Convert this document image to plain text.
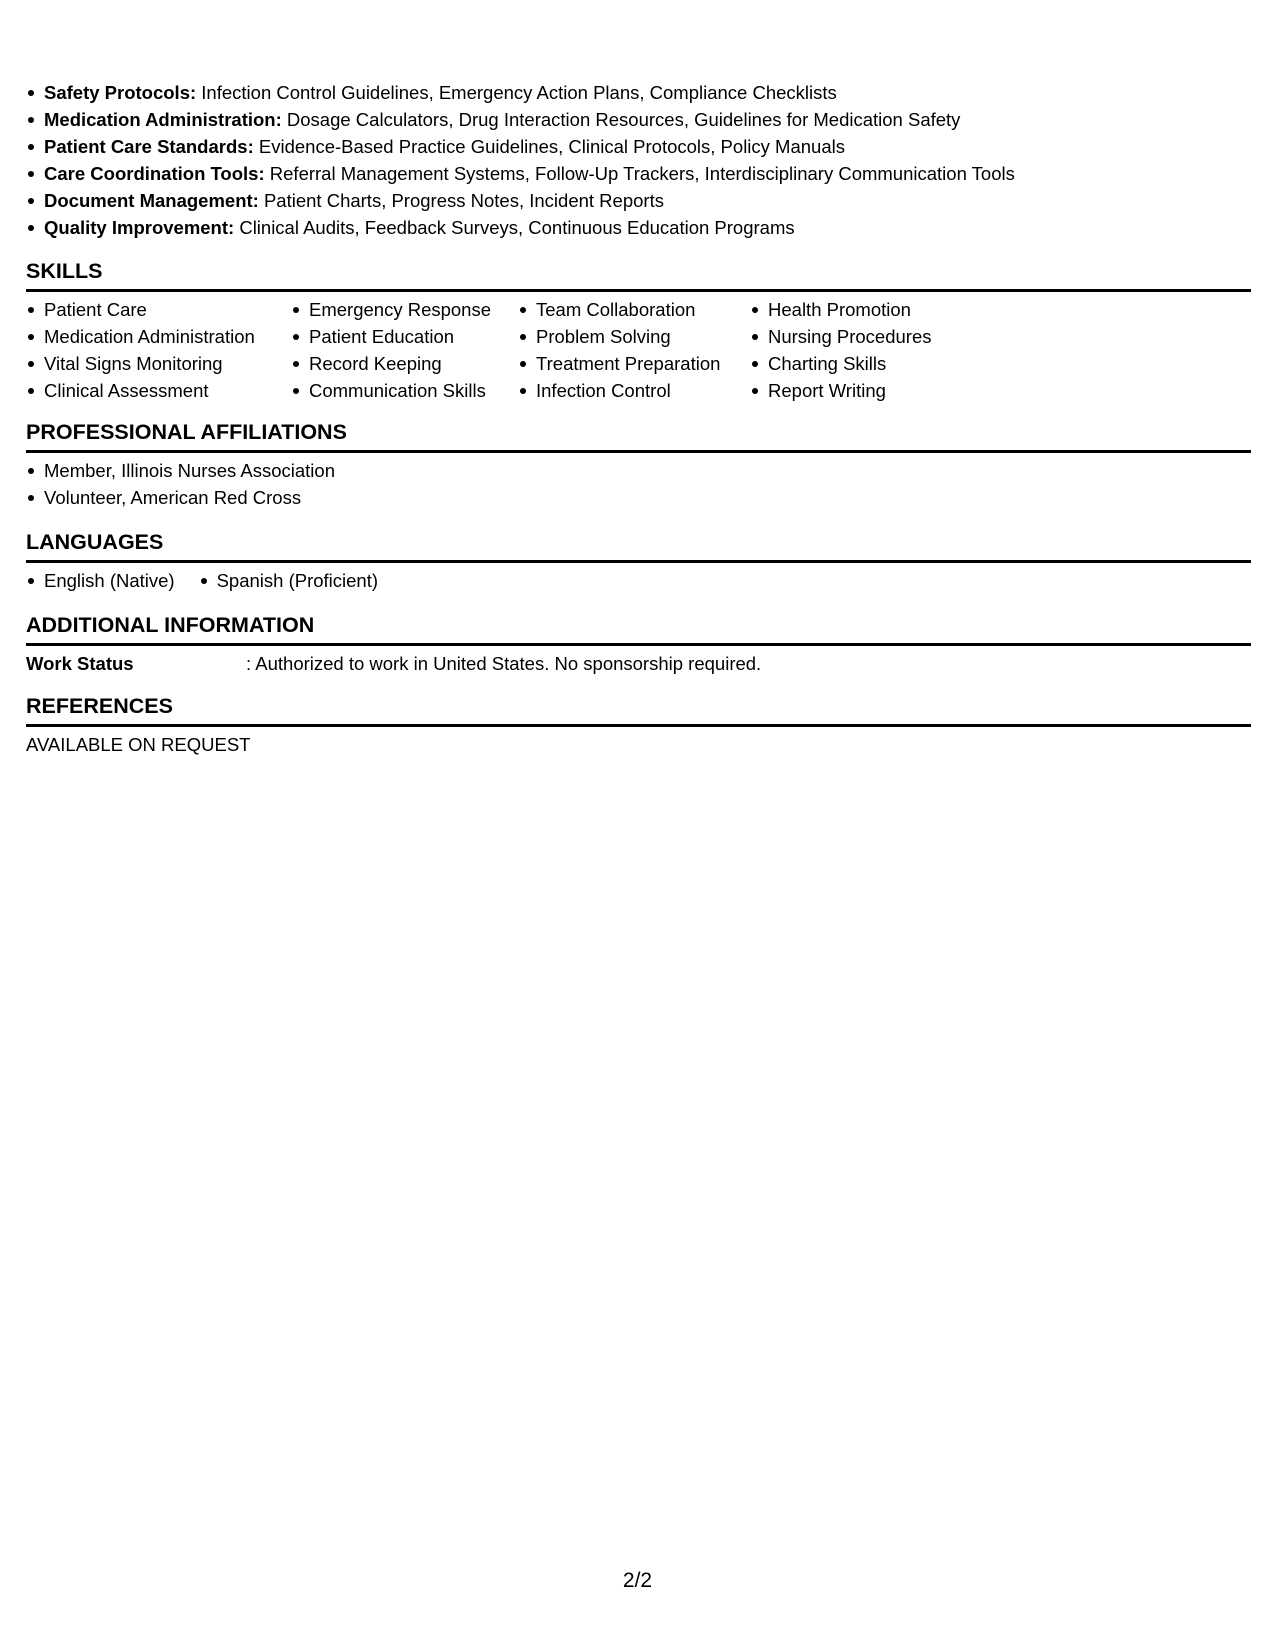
Safety Protocols: Infection Control Guidelines, Emergency Action Plans, Compliance Checklists
Medication Administration: Dosage Calculators, Drug Interaction Resources, Guidelines for Medication Safety
Patient Care Standards: Evidence-Based Practice Guidelines, Clinical Protocols, Policy Manuals
Care Coordination Tools: Referral Management Systems, Follow-Up Trackers, Interdisciplinary Communication Tools
Document Management: Patient Charts, Progress Notes, Incident Reports
Quality Improvement: Clinical Audits, Feedback Surveys, Continuous Education Programs
SKILLS
Patient Care
Medication Administration
Vital Signs Monitoring
Clinical Assessment
Emergency Response
Patient Education
Record Keeping
Communication Skills
Team Collaboration
Problem Solving
Treatment Preparation
Infection Control
Health Promotion
Nursing Procedures
Charting Skills
Report Writing
PROFESSIONAL AFFILIATIONS
Member, Illinois Nurses Association
Volunteer, American Red Cross
LANGUAGES
English (Native)	Spanish (Proficient)
ADDITIONAL INFORMATION
Work Status	: Authorized to work in United States. No sponsorship required.
REFERENCES
AVAILABLE ON REQUEST
2/2
